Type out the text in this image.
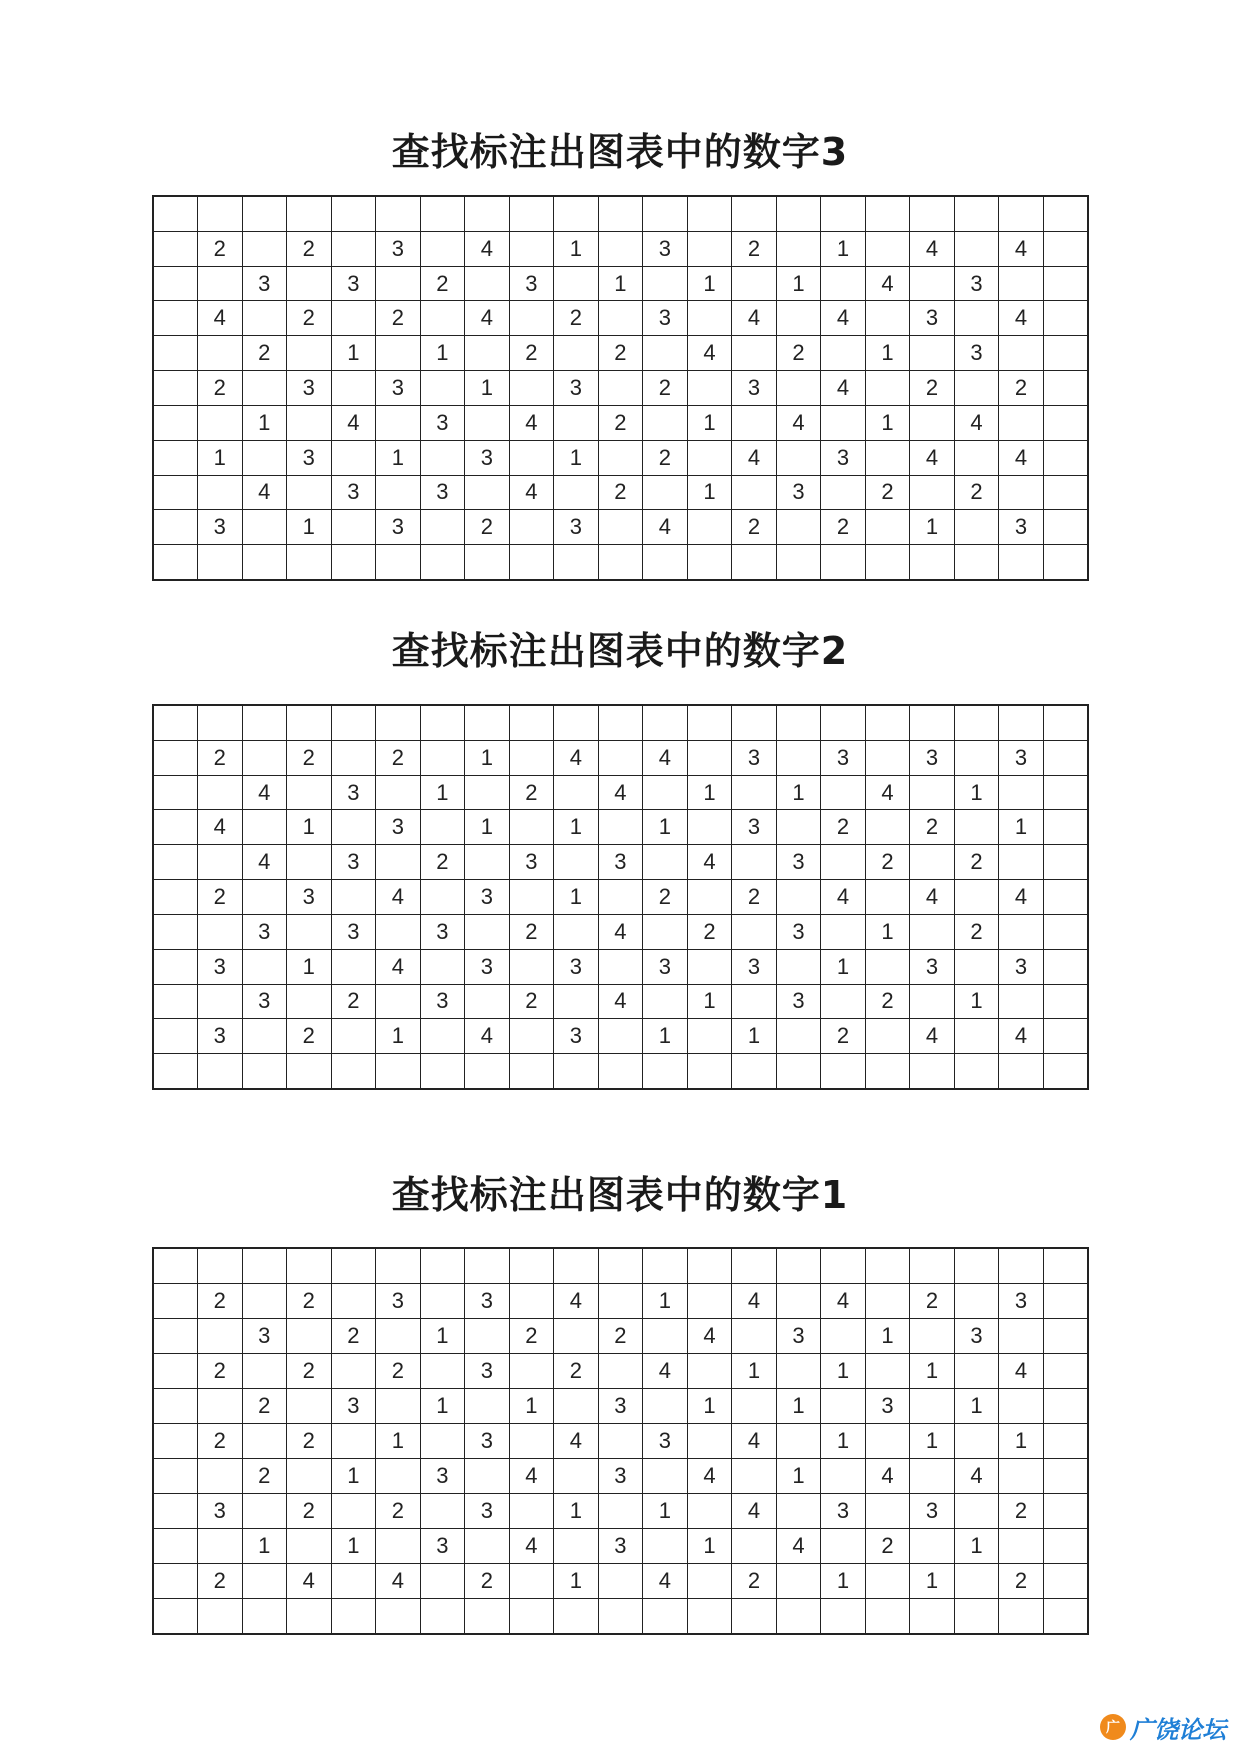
查找标注出图表中的数字3

	2		2		3		4		1		3		2		1		4		4	
		3		3		2		3		1		1		1		4		3		
	4		2		2		4		2		3		4		4		3		4	
		2		1		1		2		2		4		2		1		3		
	2		3		3		1		3		2		3		4		2		2	
		1		4		3		4		2		1		4		1		4		
	1		3		1		3		1		2		4		3		4		4	
		4		3		3		4		2		1		3		2		2		
	3		1		3		2		3		4		2		2		1		3	

查找标注出图表中的数字2

	2		2		2		1		4		4		3		3		3		3	
		4		3		1		2		4		1		1		4		1		
	4		1		3		1		1		1		3		2		2		1	
		4		3		2		3		3		4		3		2		2		
	2		3		4		3		1		2		2		4		4		4	
		3		3		3		2		4		2		3		1		2		
	3		1		4		3		3		3		3		1		3		3	
		3		2		3		2		4		1		3		2		1		
	3		2		1		4		3		1		1		2		4		4	

查找标注出图表中的数字1

	2		2		3		3		4		1		4		4		2		3	
		3		2		1		2		2		4		3		1		3		
	2		2		2		3		2		4		1		1		1		4	
		2		3		1		1		3		1		1		3		1		
	2		2		1		3		4		3		4		1		1		1	
		2		1		3		4		3		4		1		4		4		
	3		2		2		3		1		1		4		3		3		2	
		1		1		3		4		3		1		4		2		1		
	2		4		4		2		1		4		2		1		1		2	

广 广饶论坛
